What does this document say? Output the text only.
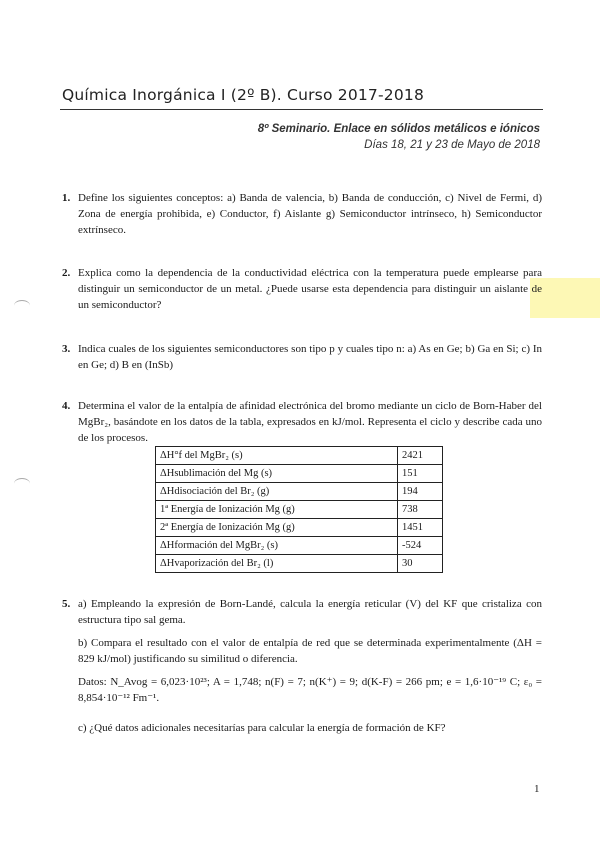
Química Inorgánica I (2º B). Curso 2017-2018
8º Seminario. Enlace en sólidos metálicos e iónicos
Días 18, 21 y 23 de Mayo de 2018
1. Define los siguientes conceptos: a) Banda de valencia, b) Banda de conducción, c) Nivel de Fermi, d) Zona de energía prohibida, e) Conductor, f) Aislante g) Semiconductor intrínseco, h) Semiconductor extrínseco.
2. Explica como la dependencia de la conductividad eléctrica con la temperatura puede emplearse para distinguir un semiconductor de un metal. ¿Puede usarse esta dependencia para distinguir un aislante de un semiconductor?
3. Indica cuales de los siguientes semiconductores son tipo p y cuales tipo n: a) As en Ge; b) Ga en Si; c) In en Ge; d) B en (InSb)
4. Determina el valor de la entalpía de afinidad electrónica del bromo mediante un ciclo de Born-Haber del MgBr₂, basándote en los datos de la tabla, expresados en kJ/mol. Representa el ciclo y describe cada uno de los procesos.
ΔH°f del MgBr₂ (s)	2421
ΔHsublimación del Mg (s)	151
ΔHdisociación del Br₂ (g)	194
1ª Energía de Ionización Mg (g)	738
2ª Energía de Ionización Mg (g)	1451
ΔHformación del MgBr₂ (s)	-524
ΔHvaporización del Br₂ (l)	30
5. a) Empleando la expresión de Born-Landé, calcula la energía reticular (V) del KF que cristaliza con estructura tipo sal gema.

b) Compara el resultado con el valor de entalpía de red que se determinada experimentalmente (ΔH = 829 kJ/mol) justificando su similitud o diferencia.

Datos: N_Avog = 6,023·10²³; A = 1,748; n(F) = 7; n(K⁺) = 9; d(K-F) = 266 pm; e = 1,6·10⁻¹⁹ C; ε₀ = 8,854·10⁻¹² Fm⁻¹.

c) ¿Qué datos adicionales necesitarías para calcular la energía de formación de KF?

1
